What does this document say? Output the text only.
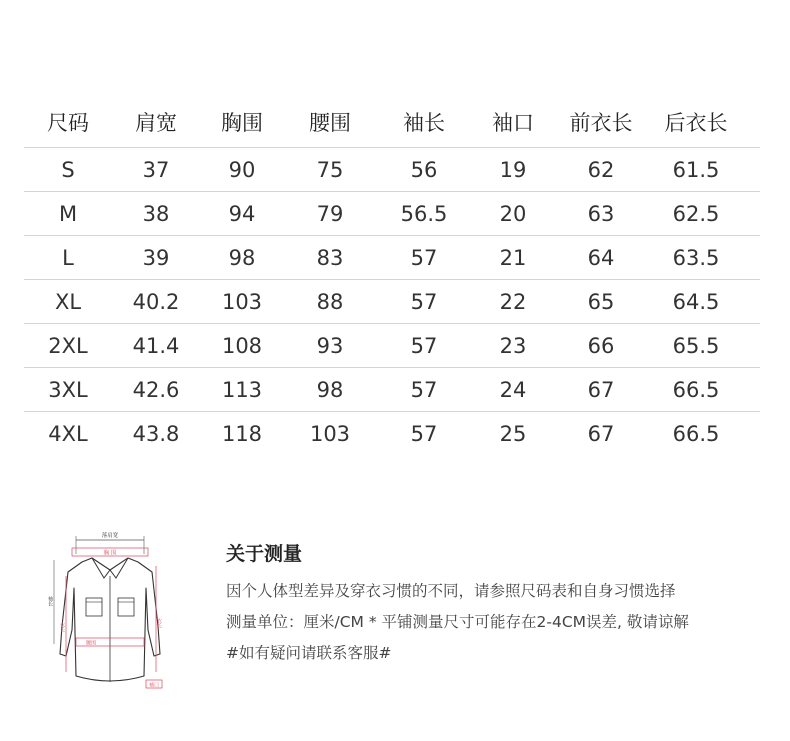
尺码	肩宽	胸围	腰围	袖长	袖口	前衣长	后衣长
S	37	90	75	56	19	62	61.5
M	38	94	79	56.5	20	63	62.5
L	39	98	83	57	21	64	63.5
XL	40.2	103	88	57	22	65	64.5
2XL	41.4	108	93	57	23	66	65.5
3XL	42.6	113	98	57	24	67	66.5
4XL	43.8	118	103	57	25	67	66.5
落肩宽
胸 围
袖长
衣长	衣长
腰围
袖口
关于测量
因个人体型差异及穿衣习惯的不同，请参照尺码表和自身习惯选择
测量单位：厘米/CM * 平铺测量尺寸可能存在2-4CM误差, 敬请谅解
#如有疑问请联系客服#
